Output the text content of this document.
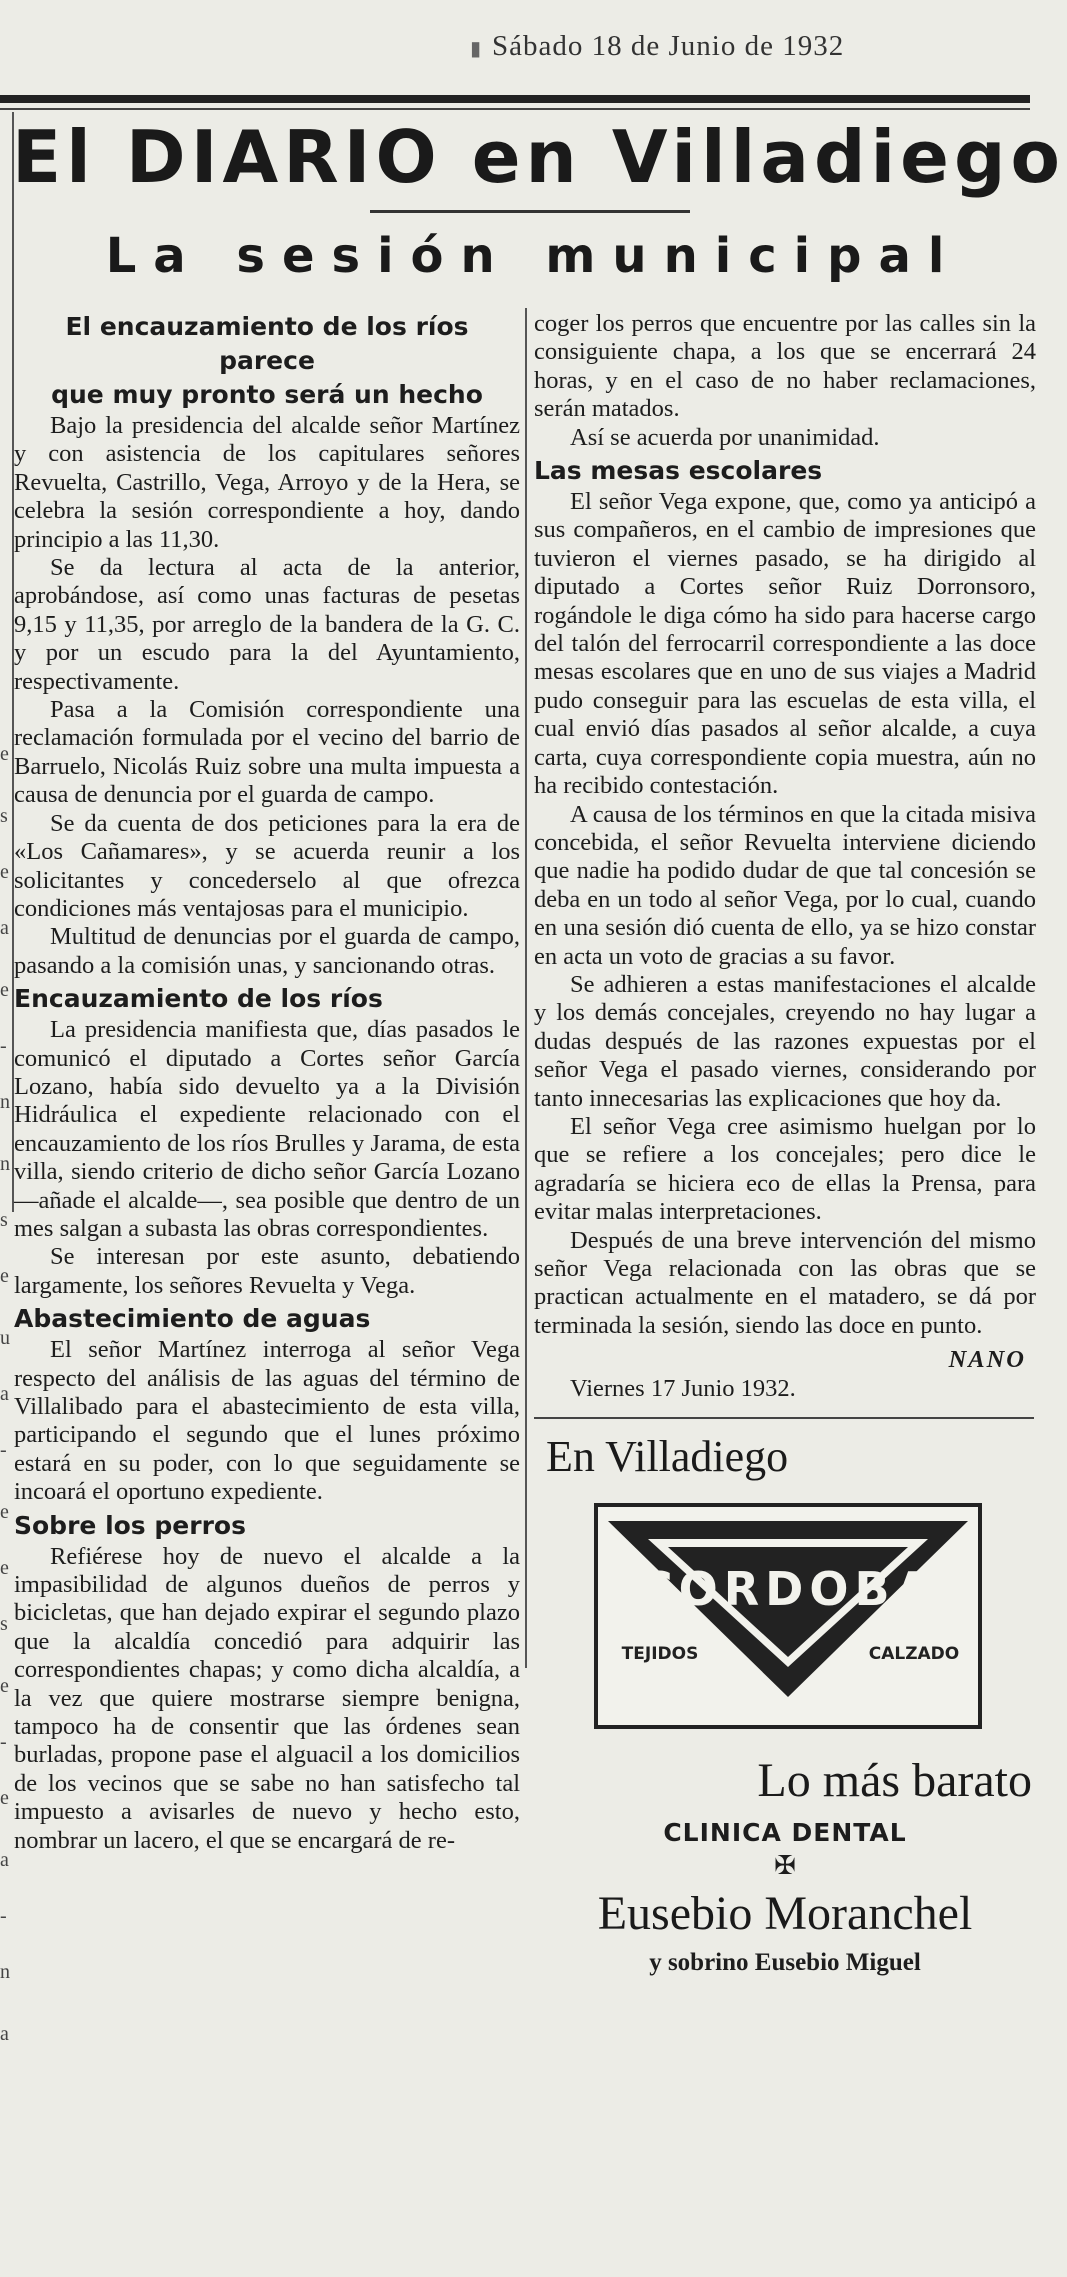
▮ Sábado 18 de Junio de 1932
El DIARIO en Villadiego
La sesión municipal
e
s
e
a
e
-
n
n
s
e
u
a
-
e
e
s
e
-
e
a
-
n
a
El encauzamiento de los ríos parece
que muy pronto será un hecho

Bajo la presidencia del alcalde señor Martínez y con asistencia de los capitulares señores Revuelta, Castrillo, Vega, Arroyo y de la Hera, se celebra la sesión correspondiente a hoy, dando principio a las 11,30.

Se da lectura al acta de la anterior, aprobándose, así como unas facturas de pesetas 9,15 y 11,35, por arreglo de la bandera de la G. C. y por un escudo para la del Ayuntamiento, respectivamente.

Pasa a la Comisión correspondiente una reclamación formulada por el vecino del barrio de Barruelo, Nicolás Ruiz sobre una multa impuesta a causa de denuncia por el guarda de campo.

Se da cuenta de dos peticiones para la era de «Los Cañamares», y se acuerda reunir a los solicitantes y concederselo al que ofrezca condiciones más ventajosas para el municipio.

Multitud de denuncias por el guarda de campo, pasando a la comisión unas, y sancionando otras.

Encauzamiento de los ríos

La presidencia manifiesta que, días pasados le comunicó el diputado a Cortes señor García Lozano, había sido devuelto ya a la División Hidráulica el expediente relacionado con el encauzamiento de los ríos Brulles y Jarama, de esta villa, siendo criterio de dicho señor García Lozano —añade el alcalde—, sea posible que dentro de un mes salgan a subasta las obras correspondientes.

Se interesan por este asunto, debatiendo largamente, los señores Revuelta y Vega.

Abastecimiento de aguas

El señor Martínez interroga al señor Vega respecto del análisis de las aguas del término de Villalibado para el abastecimiento de esta villa, participando el segundo que el lunes próximo estará en su poder, con lo que seguidamente se incoará el oportuno expediente.

Sobre los perros

Refiérese hoy de nuevo el alcalde a la impasibilidad de algunos dueños de perros y bicicletas, que han dejado expirar el segundo plazo que la alcaldía concedió para adquirir las correspondientes chapas; y como dicha alcaldía, a la vez que quiere mostrarse siempre benigna, tampoco ha de consentir que las órdenes sean burladas, propone pase el alguacil a los domicilios de los vecinos que se sabe no han satisfecho tal impuesto a avisarles de nuevo y hecho esto, nombrar un lacero, el que se encargará de re-

coger los perros que encuentre por las calles sin la consiguiente chapa, a los que se encerrará 24 horas, y en el caso de no haber reclamaciones, serán matados.

Así se acuerda por unanimidad.

Las mesas escolares

El señor Vega expone, que, como ya anticipó a sus compañeros, en el cambio de impresiones que tuvieron el viernes pasado, se ha dirigido al diputado a Cortes señor Ruiz Dorronsoro, rogándole le diga cómo ha sido para hacerse cargo del talón del ferrocarril correspondiente a las doce mesas escolares que en uno de sus viajes a Madrid pudo conseguir para las escuelas de esta villa, el cual envió días pasados al señor alcalde, a cuya carta, cuya correspondiente copia muestra, aún no ha recibido contestación.

A causa de los términos en que la citada misiva concebida, el señor Revuelta interviene diciendo que nadie ha podido dudar de que tal concesión se deba en un todo al señor Vega, por lo cual, cuando en una sesión dió cuenta de ello, ya se hizo constar en acta un voto de gracias a su favor.

Se adhieren a estas manifestaciones el alcalde y los demás concejales, creyendo no hay lugar a dudas después de las razones expuestas por el señor Vega el pasado viernes, considerando por tanto innecesarias las explicaciones que hoy da.

El señor Vega cree asimismo huelgan por lo que se refiere a los concejales; pero dice le agradaría se hiciera eco de ellas la Prensa, para evitar malas interpretaciones.

Después de una breve intervención del mismo señor Vega relacionada con las obras que se practican actualmente en el matadero, se dá por terminada la sesión, siendo las doce en punto.

NANO

Viernes 17 Junio 1932.

En Villadiego
CORDOBA
TEJIDOS	CALZADO
Lo más barato
CLINICA DENTAL
✠
Eusebio Moranchel
y sobrino Eusebio Miguel
